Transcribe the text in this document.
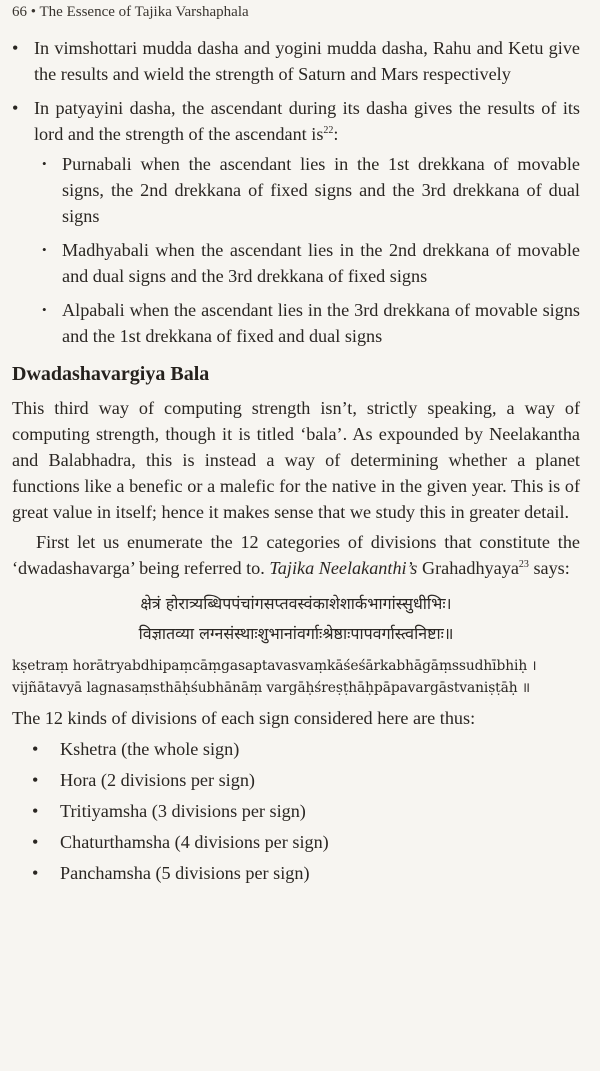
66 • The Essence of Tajika Varshaphala
• In vimshottari mudda dasha and yogini mudda dasha, Rahu and Ketu give the results and wield the strength of Saturn and Mars respectively
• In patyayini dasha, the ascendant during its dasha gives the results of its lord and the strength of the ascendant $is^{22}$:
• Purnabali when the ascendant lies in the 1st drekkana of movable signs, the 2nd drekkana of fixed signs and the 3rd drekkana of dual signs
• Madhyabali when the ascendant lies in the 2nd drekkana of movable and dual signs and the 3rd drekkana of fixed signs
• Alpabali when the ascendant lies in the 3rd drekkana of movable signs and the 1st drekkana of fixed and dual signs
Dwadashavargiya Bala

This third way of computing strength isn’t, strictly speaking, a way of computing strength, though it is titled ‘bala’. As expounded by Neelakantha and Balabhadra, this is instead a way of determining whether a planet functions like a benefic or a malefic for the native in the given year. This is of great value in itself; hence it makes sense that we study this in greater detail.

First let us enumerate the 12 categories of divisions that constitute the ‘dwadashavarga’ being referred to. Tajika Neelakanthi’s Grahadhyaya$^{23}$ says:

क्षेत्रं होरात्र्यब्धिपपंचांगसप्तवस्वंकाशेशार्कभागांस्सुधीभिः।
विज्ञातव्या लग्नसंस्थाःशुभानांवर्गाःश्रेष्ठाःपापवर्गास्त्वनिष्टाः॥
kṣetraṃ horātryabdhipaṃcāṃgasaptavasvaṃkāśeśārkabhāgāṃssudhībhiḥ ।
vijñātavyā lagnasaṃsthāḥśubhānāṃ vargāḥśreṣṭhāḥpāpavargāstvaniṣṭāḥ ॥

The 12 kinds of divisions of each sign considered here are thus:

• Kshetra (the whole sign)
• Hora (2 divisions per sign)
• Tritiyamsha (3 divisions per sign)
• Chaturthamsha (4 divisions per sign)
• Panchamsha (5 divisions per sign)
